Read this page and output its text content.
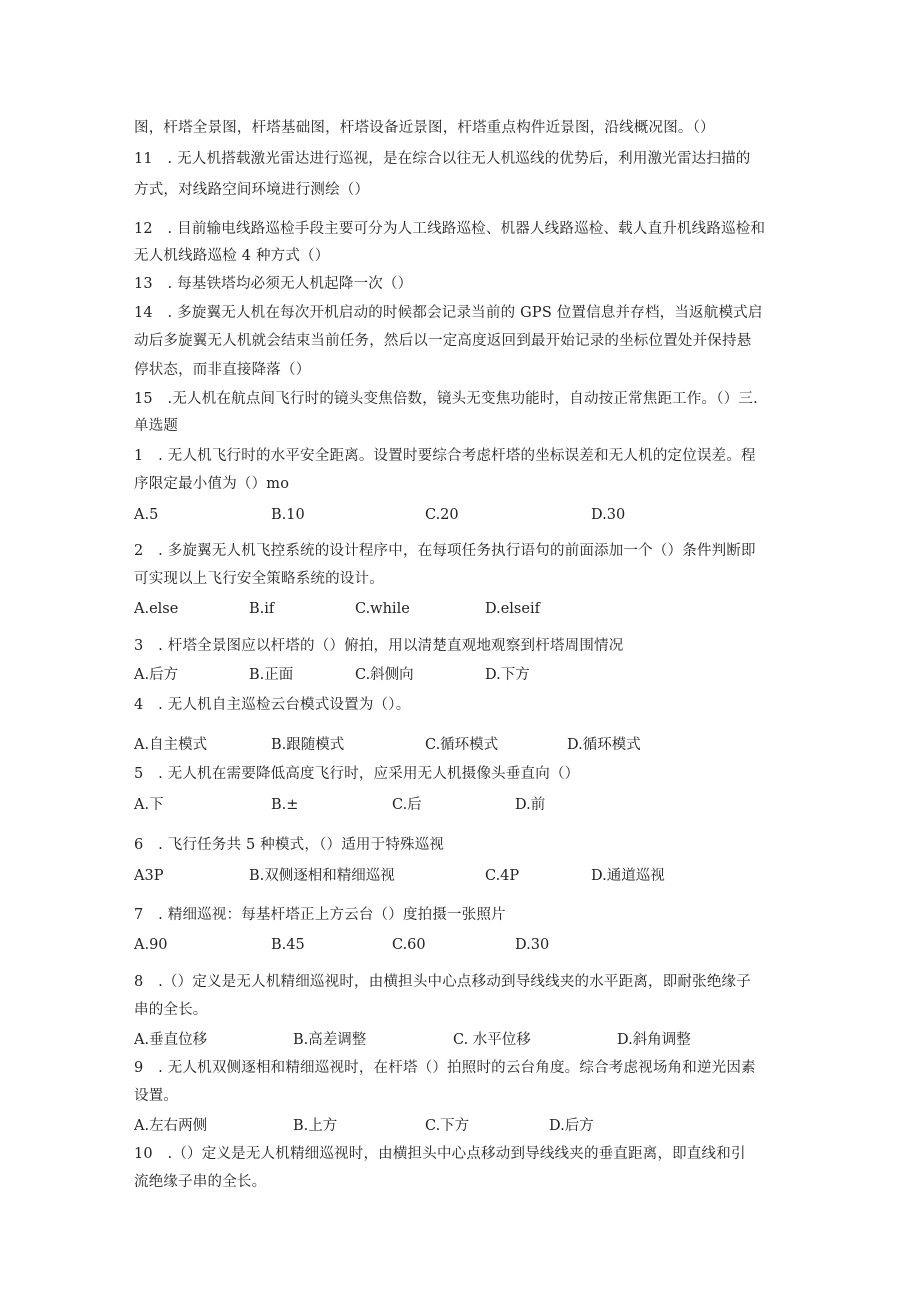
图，杆塔全景图，杆塔基础图，杆塔设备近景图，杆塔重点构件近景图，沿线概况图。（）
11　. 无人机搭载激光雷达进行巡视，是在综合以往无人机巡线的优势后，利用激光雷达扫描的
方式，对线路空间环境进行测绘（）
12　. 目前输电线路巡检手段主要可分为人工线路巡检、机器人线路巡检、载人直升机线路巡检和
无人机线路巡检 4 种方式（）
13　. 每基铁塔均必须无人机起降一次（）
14　. 多旋翼无人机在每次开机启动的时候都会记录当前的 GPS 位置信息并存档，当返航模式启
动后多旋翼无人机就会结束当前任务，然后以一定高度返回到最开始记录的坐标位置处并保持悬
停状态，而非直接降落（）
15　.无人机在航点间飞行时的镜头变焦倍数，镜头无变焦功能时，自动按正常焦距工作。（）三.
单选题
1　. 无人机飞行时的水平安全距离。设置时要综合考虑杆塔的坐标误差和无人机的定位误差。程
序限定最小值为（）mo
A.5	B.10	C.20	D.30
2　. 多旋翼无人机飞控系统的设计程序中，在每项任务执行语句的前面添加一个（）条件判断即
可实现以上飞行安全策略系统的设计。
A.else	B.if	C.while	D.elseif
3　. 杆塔全景图应以杆塔的（）俯拍，用以清楚直观地观察到杆塔周围情况
A.后方	B.正面	C.斜侧向	D.下方
4　. 无人机自主巡检云台模式设置为（）。
A.自主模式	B.跟随模式	C.循环模式	D.循环模式
5　. 无人机在需要降低高度飞行时，应采用无人机摄像头垂直向（）
A.下	B.±	C.后	D.前
6　. 飞行任务共 5 种模式，（）适用于特殊巡视
A3P	B.双侧逐相和精细巡视	C.4P	D.通道巡视
7　. 精细巡视：每基杆塔正上方云台（）度拍摄一张照片
A.90	B.45	C.60	D.30
8　.（）定义是无人机精细巡视时，由横担头中心点移动到导线线夹的水平距离，即耐张绝缘子
串的全长。
A.垂直位移	B.高差调整	C. 水平位移	D.斜角调整
9　. 无人机双侧逐相和精细巡视时，在杆塔（）拍照时的云台角度。综合考虑视场角和逆光因素
设置。
A.左右两侧	B.上方	C.下方	D.后方
10　.（）定义是无人机精细巡视时，由横担头中心点移动到导线线夹的垂直距离，即直线和引
流绝缘子串的全长。
